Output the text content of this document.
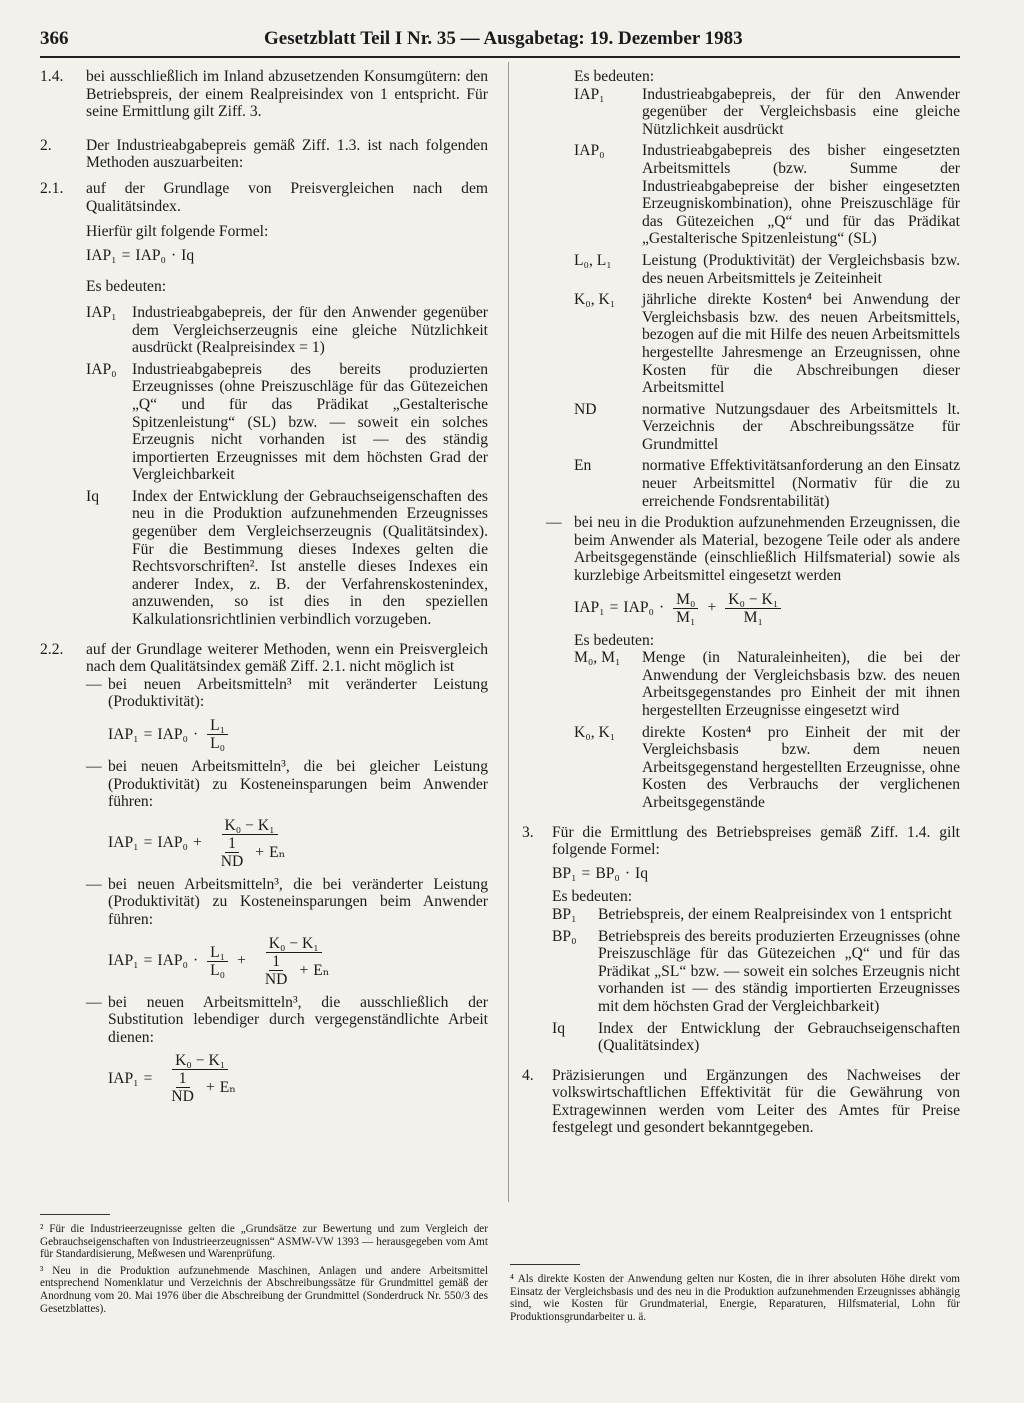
366	Gesetzblatt Teil I Nr. 35 — Ausgabetag: 19. Dezember 1983
1.4.	bei ausschließlich im Inland abzusetzenden Konsumgütern: den Betriebspreis, der einem Realpreisindex von 1 entspricht. Für seine Ermittlung gilt Ziff. 3.
2.	Der Industrieabgabepreis gemäß Ziff. 1.3. ist nach folgenden Methoden auszuarbeiten:
2.1.	auf der Grundlage von Preisvergleichen nach dem Qualitätsindex.

Hierfür gilt folgende Formel:

IAP₁ = IAP₀ · Iq

Es bedeuten:

IAP₁ Industrieabgabepreis, der für den Anwender gegenüber dem Vergleichserzeugnis eine gleiche Nützlichkeit ausdrückt (Realpreisindex = 1)
IAP₀ Industrieabgabepreis des bereits produzierten Erzeugnisses (ohne Preiszuschläge für das Gütezeichen „Q“ und für das Prädikat „Gestalterische Spitzenleistung“ (SL) bzw. — soweit ein solches Erzeugnis nicht vorhanden ist — des ständig importierten Erzeugnisses mit dem höchsten Grad der Vergleichbarkeit
Iq	Index der Entwicklung der Gebrauchseigenschaften des neu in die Produktion aufzunehmenden Erzeugnisses gegenüber dem Vergleichserzeugnis (Qualitätsindex). Für die Bestimmung dieses Indexes gelten die Rechtsvorschriften². Ist anstelle dieses Indexes ein anderer Index, z. B. der Verfahrenskostenindex, anzuwenden, so ist dies in den speziellen Kalkulationsrichtlinien verbindlich vorzugeben.
2.2.	auf der Grundlage weiterer Methoden, wenn ein Preisvergleich nach dem Qualitätsindex gemäß Ziff. 2.1. nicht möglich ist
— bei neuen Arbeitsmitteln³ mit veränderter Leistung (Produktivität):
$IAP_1 = IAP_0 \cdot \frac{\text{L₁}}{\text{L₀}}$
— bei neuen Arbeitsmitteln³, die bei gleicher Leistung (Produktivität) zu Kosteneinsparungen beim Anwender führen:
$IAP_1 = IAP_0 + \frac{\text{K₀ − K₁}}{\frac{1}{ND} + E_n}$
— bei neuen Arbeitsmitteln³, die bei veränderter Leistung (Produktivität) zu Kosteneinsparungen beim Anwender führen:
$IAP_1 = IAP_0 \cdot \frac{\text{L₁}}{\text{L₀}} + \frac{\text{K₀ − K₁}}{\frac{1}{ND} + E_n}$
— bei neuen Arbeitsmitteln³, die ausschließlich der Substitution lebendiger durch vergegenständlichte Arbeit dienen:
$IAP_1 = \frac{\text{K₀ − K₁}}{\frac{1}{ND} + E_n}$

² Für die Industrieerzeugnisse gelten die „Grundsätze zur Bewertung und zum Vergleich der Gebrauchseigenschaften von Industrieerzeugnissen“ ASMW-VW 1393 — herausgegeben vom Amt für Standardisierung, Meßwesen und Warenprüfung.

³ Neu in die Produktion aufzunehmende Maschinen, Anlagen und andere Arbeitsmittel entsprechend Nomenklatur und Verzeichnis der Abschreibungssätze für Grundmittel gemäß der Anordnung vom 20. Mai 1976 über die Abschreibung der Grundmittel (Sonderdruck Nr. 550/3 des Gesetzblattes).

Es bedeuten:

IAP₁	Industrieabgabepreis, der für den Anwender gegenüber der Vergleichsbasis eine gleiche Nützlichkeit ausdrückt
IAP₀	Industrieabgabepreis des bisher eingesetzten Arbeitsmittels (bzw. Summe der Industrieabgabepreise der bisher eingesetzten Erzeugniskombination), ohne Preiszuschläge für das Gütezeichen „Q“ und für das Prädikat „Gestalterische Spitzenleistung“ (SL)
L₀, L₁	Leistung (Produktivität) der Vergleichsbasis bzw. des neuen Arbeitsmittels je Zeiteinheit
K₀, K₁	jährliche direkte Kosten⁴ bei Anwendung der Vergleichsbasis bzw. des neuen Arbeitsmittels, bezogen auf die mit Hilfe des neuen Arbeitsmittels hergestellte Jahresmenge an Erzeugnissen, ohne Kosten für die Abschreibungen dieser Arbeitsmittel
ND	normative Nutzungsdauer des Arbeitsmittels lt. Verzeichnis der Abschreibungssätze für Grundmittel
En	normative Effektivitätsanforderung an den Einsatz neuer Arbeitsmittel (Normativ für die zu erreichende Fondsrentabilität)
— bei neu in die Produktion aufzunehmenden Erzeugnissen, die beim Anwender als Material, bezogene Teile oder als andere Arbeitsgegenstände (einschließlich Hilfsmaterial) sowie als kurzlebige Arbeitsmittel eingesetzt werden
$IAP_1 = IAP_0 \cdot \frac{\text{M₀}}{\text{M₁}} + \frac{\text{K₀ − K₁}}{\text{M₁}}$

Es bedeuten:

M₀, M₁	Menge (in Naturaleinheiten), die bei der Anwendung der Vergleichsbasis bzw. des neuen Arbeitsgegenstandes pro Einheit der mit ihnen hergestellten Erzeugnisse eingesetzt wird
K₀, K₁	direkte Kosten⁴ pro Einheit der mit der Vergleichsbasis bzw. dem neuen Arbeitsgegenstand hergestellten Erzeugnisse, ohne Kosten des Verbrauchs der verglichenen Arbeitsgegenstände
3.	Für die Ermittlung des Betriebspreises gemäß Ziff. 1.4. gilt folgende Formel:
BP₁ = BP₀ · Iq

Es bedeuten:

BP₁	Betriebspreis, der einem Realpreisindex von 1 entspricht
BP₀	Betriebspreis des bereits produzierten Erzeugnisses (ohne Preiszuschläge für das Gütezeichen „Q“ und für das Prädikat „SL“ bzw. — soweit ein solches Erzeugnis nicht vorhanden ist — des ständig importierten Erzeugnisses mit dem höchsten Grad der Vergleichbarkeit)
Iq	Index der Entwicklung der Gebrauchseigenschaften (Qualitätsindex)
4.	Präzisierungen und Ergänzungen des Nachweises der volkswirtschaftlichen Effektivität für die Gewährung von Extragewinnen werden vom Leiter des Amtes für Preise festgelegt und gesondert bekanntgegeben.

⁴ Als direkte Kosten der Anwendung gelten nur Kosten, die in ihrer absoluten Höhe direkt vom Einsatz der Vergleichsbasis und des neu in die Produktion aufzunehmenden Erzeugnisses abhängig sind, wie Kosten für Grundmaterial, Energie, Reparaturen, Hilfsmaterial, Lohn für Produktionsgrundarbeiter u. ä.
